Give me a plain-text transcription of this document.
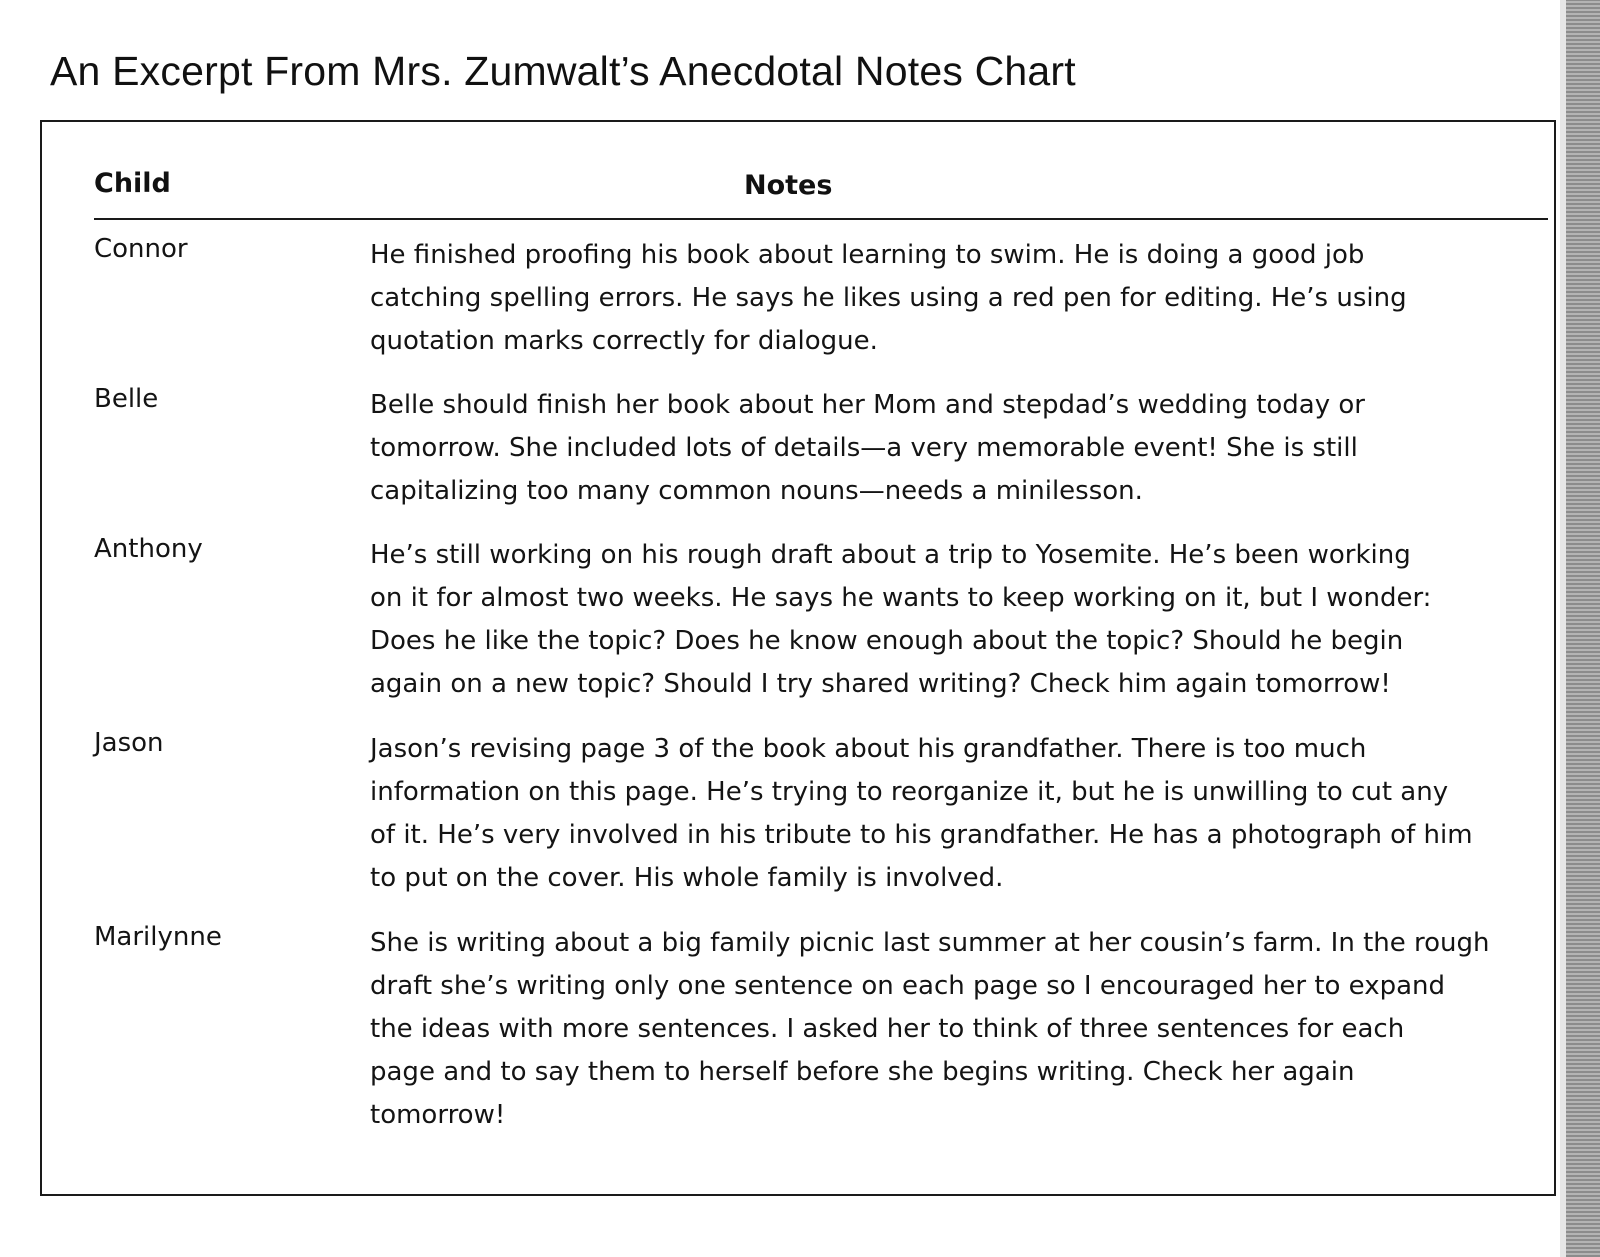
An Excerpt From Mrs. Zumwalt’s Anecdotal Notes Chart
Child	Notes
Connor	He finished proofing his book about learning to swim. He is doing a good job
catching spelling errors. He says he likes using a red pen for editing. He’s using
quotation marks correctly for dialogue.
Belle	Belle should finish her book about her Mom and stepdad’s wedding today or
tomorrow. She included lots of details—a very memorable event! She is still
capitalizing too many common nouns—needs a minilesson.
Anthony	He’s still working on his rough draft about a trip to Yosemite. He’s been working
on it for almost two weeks. He says he wants to keep working on it, but I wonder:
Does he like the topic? Does he know enough about the topic? Should he begin
again on a new topic? Should I try shared writing? Check him again tomorrow!
Jason	Jason’s revising page 3 of the book about his grandfather. There is too much
information on this page. He’s trying to reorganize it, but he is unwilling to cut any
of it. He’s very involved in his tribute to his grandfather. He has a photograph of him
to put on the cover. His whole family is involved.
Marilynne	She is writing about a big family picnic last summer at her cousin’s farm. In the rough
draft she’s writing only one sentence on each page so I encouraged her to expand
the ideas with more sentences. I asked her to think of three sentences for each
page and to say them to herself before she begins writing. Check her again
tomorrow!
